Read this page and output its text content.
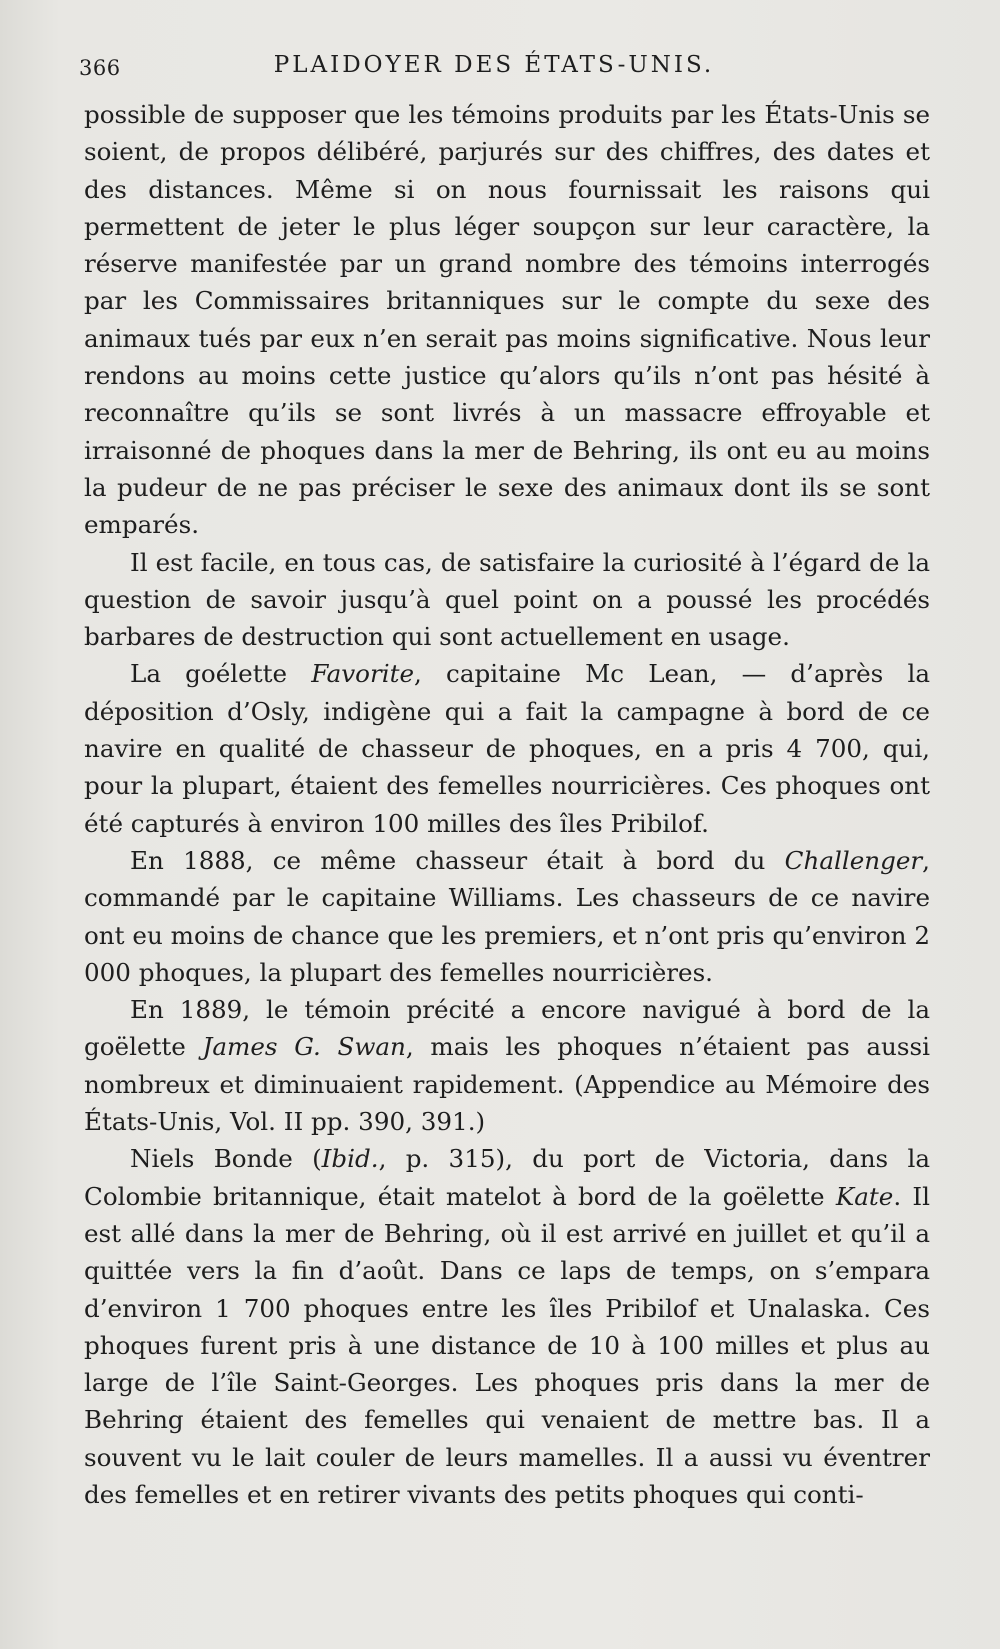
366	PLAIDOYER DES ÉTATS-UNIS.

possible de supposer que les témoins produits par les États-Unis se soient, de propos délibéré, parjurés sur des chiffres, des dates et des distances. Même si on nous fournissait les raisons qui permettent de jeter le plus léger soupçon sur leur caractère, la réserve manifestée par un grand nombre des témoins interrogés par les Commissaires britanniques sur le compte du sexe des animaux tués par eux n’en serait pas moins significative. Nous leur rendons au moins cette justice qu’alors qu’ils n’ont pas hésité à reconnaître qu’ils se sont livrés à un massacre effroyable et irraisonné de phoques dans la mer de Behring, ils ont eu au moins la pudeur de ne pas préciser le sexe des animaux dont ils se sont emparés.

Il est facile, en tous cas, de satisfaire la curiosité à l’égard de la question de savoir jusqu’à quel point on a poussé les procédés barbares de destruction qui sont actuellement en usage.

La goélette Favorite, capitaine Mc Lean, — d’après la déposition d’Osly, indigène qui a fait la campagne à bord de ce navire en qualité de chasseur de phoques, en a pris 4 700, qui, pour la plupart, étaient des femelles nourricières. Ces phoques ont été capturés à environ 100 milles des îles Pribilof.

En 1888, ce même chasseur était à bord du Challenger, commandé par le capitaine Williams. Les chasseurs de ce navire ont eu moins de chance que les premiers, et n’ont pris qu’environ 2 000 phoques, la plupart des femelles nourricières.

En 1889, le témoin précité a encore navigué à bord de la goëlette James G. Swan, mais les phoques n’étaient pas aussi nombreux et diminuaient rapidement. (Appendice au Mémoire des États-Unis, Vol. II pp. 390, 391.)

Niels Bonde (Ibid., p. 315), du port de Victoria, dans la Colombie britannique, était matelot à bord de la goëlette Kate. Il est allé dans la mer de Behring, où il est arrivé en juillet et qu’il a quittée vers la fin d’août. Dans ce laps de temps, on s’empara d’environ 1 700 phoques entre les îles Pribilof et Unalaska. Ces phoques furent pris à une distance de 10 à 100 milles et plus au large de l’île Saint-Georges. Les phoques pris dans la mer de Behring étaient des femelles qui venaient de mettre bas. Il a souvent vu le lait couler de leurs mamelles. Il a aussi vu éventrer des femelles et en retirer vivants des petits phoques qui conti-
